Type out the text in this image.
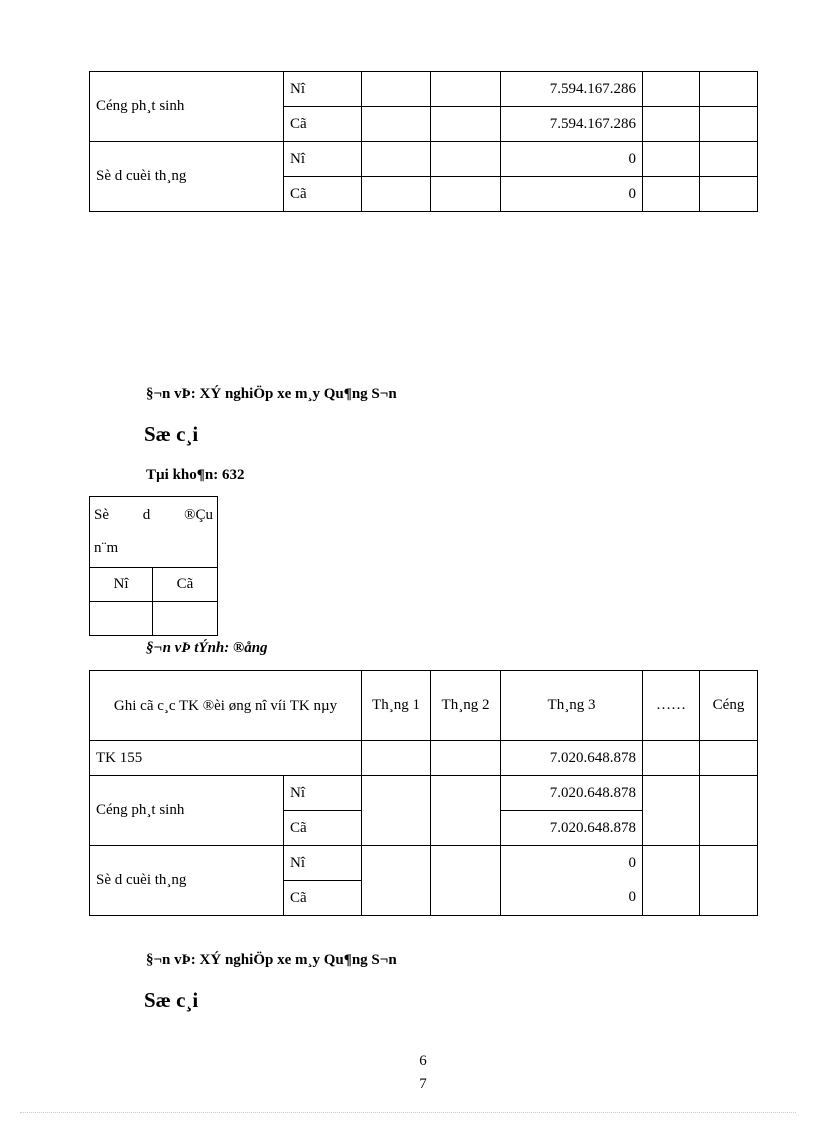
Céng ph¸t sinh	Nî			7.594.167.286		
	Cã			7.594.167.286		
Sè d cuèi th¸ng	Nî			0		
	Cã			0		
§¬n vÞ: XÝ nghiÖp xe m¸y Qu¶ng S¬n
Sæ c¸i
Tµi kho¶n: 632
Sè d ®Çu
n¨m	

Nî	Cã

§¬n vÞ tÝnh: ®ång
Ghi cã c¸c TK ®èi øng nî víi TK nµy		Th¸ng 1	Th¸ng 2	Th¸ng 3	……	Céng
TK 155				7.020.648.878		
Céng ph¸t sinh	Nî			7.020.648.878		
	Cã			7.020.648.878		
Sè d cuèi th¸ng	Nî			0		
	Cã			0		
§¬n vÞ: XÝ nghiÖp xe m¸y Qu¶ng S¬n
Sæ c¸i
6
7
